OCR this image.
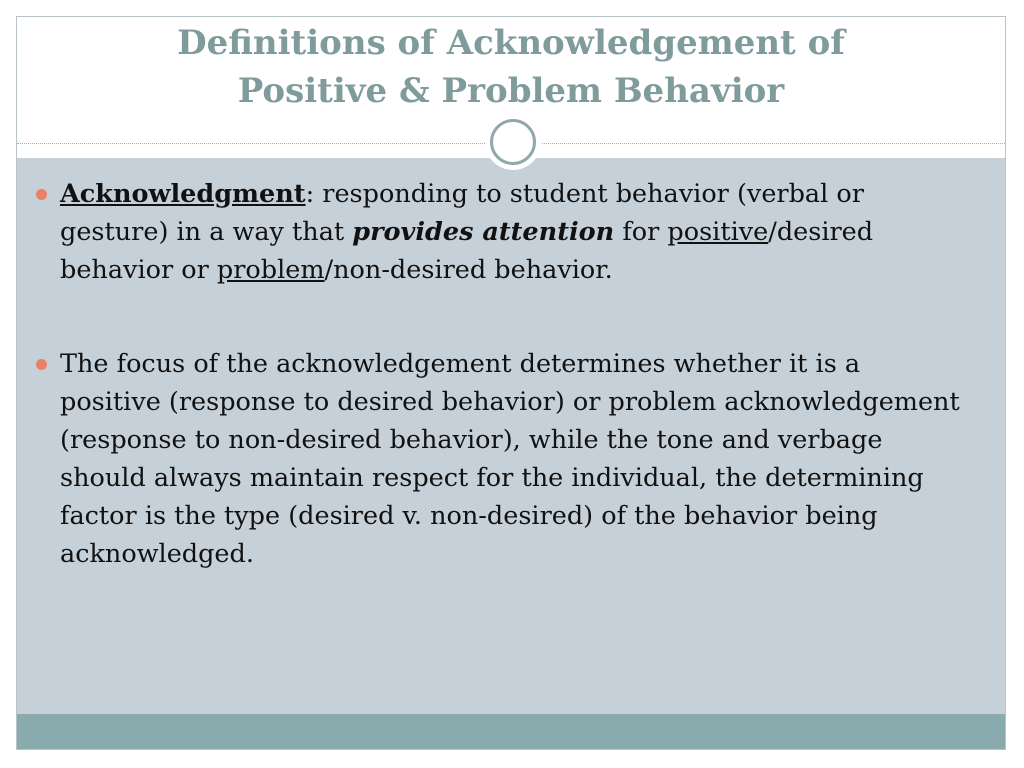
Definitions of Acknowledgement of
Positive & Problem Behavior
Acknowledgment: responding to student behavior (verbal or gesture) in a way that provides attention for positive/desired behavior or problem/non-desired behavior.
The focus of the acknowledgement determines whether it is a positive (response to desired behavior) or problem acknowledgement (response to non-desired behavior), while the tone and verbage should always maintain respect for the individual, the determining factor is the type (desired v. non-desired) of the behavior being acknowledged.
